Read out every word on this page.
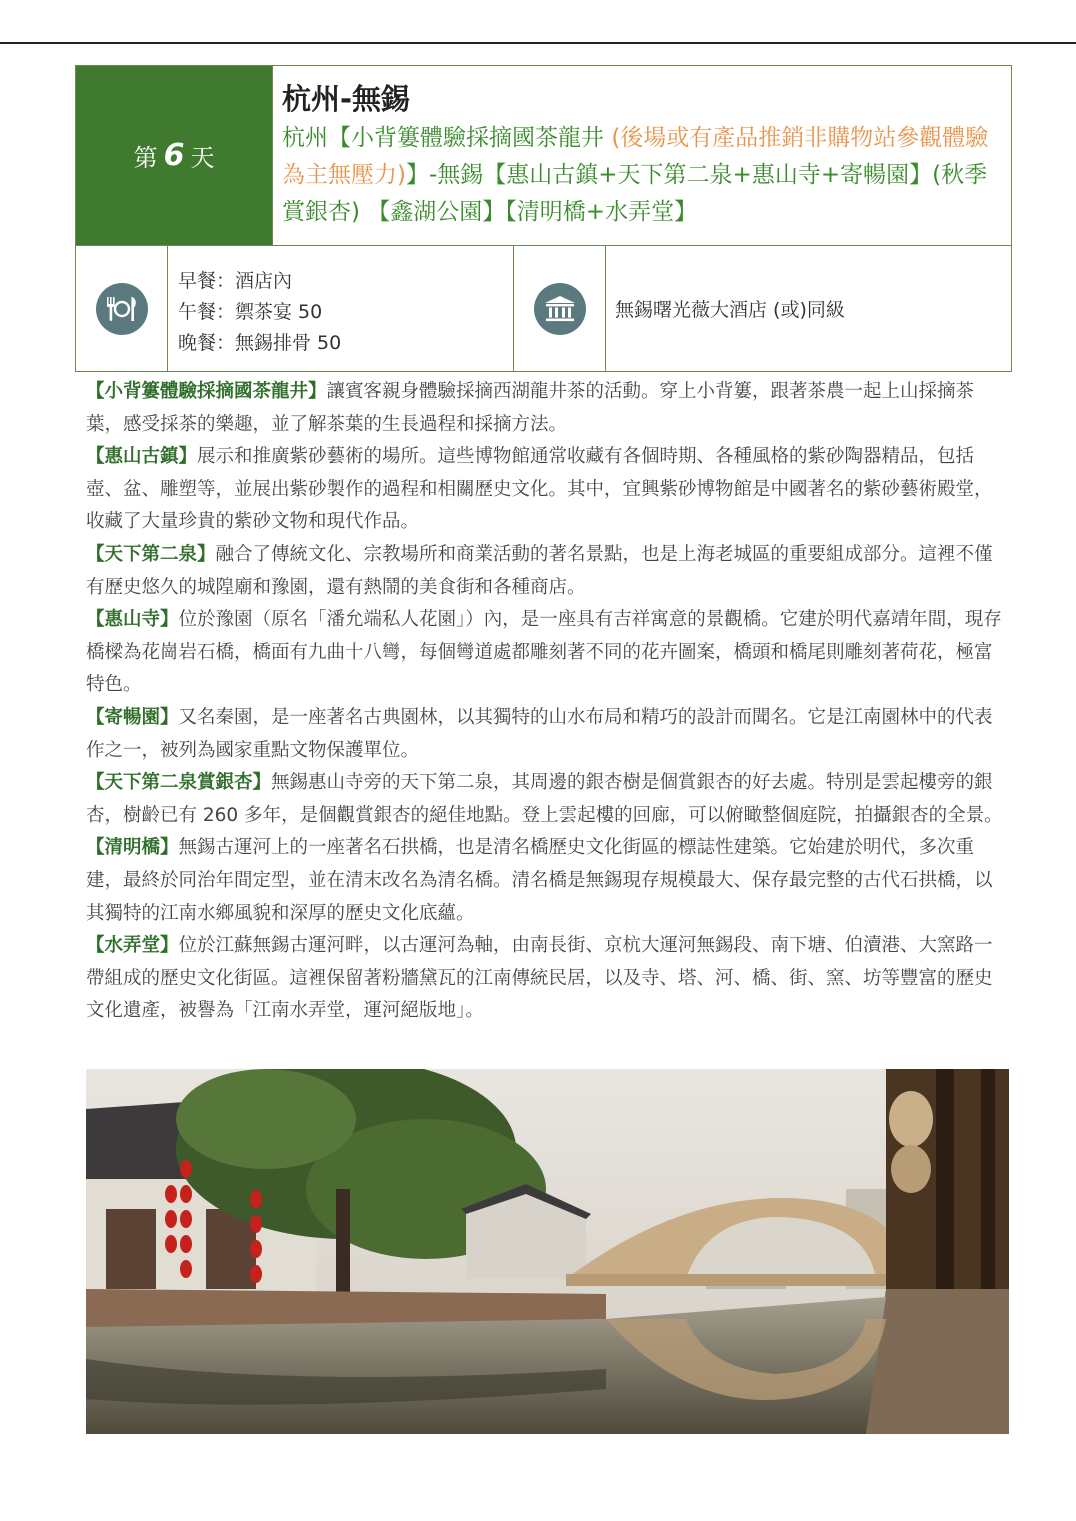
第 6 天
杭州-無錫
杭州【小背簍體驗採摘國茶龍井 (後場或有產品推銷非購物站參觀體驗為主無壓力)】-無錫【惠山古鎮+天下第二泉+惠山寺+寄暢園】(秋季賞銀杏) 【鑫湖公園】【清明橋+水弄堂】
早餐：酒店內
午餐：禦茶宴 50
晚餐：無錫排骨 50
無錫曙光薇大酒店 (或)同級

【小背簍體驗採摘國茶龍井】讓賓客親身體驗採摘西湖龍井茶的活動。穿上小背簍，跟著茶農一起上山採摘茶葉，感受採茶的樂趣，並了解茶葉的生長過程和採摘方法。

【惠山古鎮】展示和推廣紫砂藝術的場所。這些博物館通常收藏有各個時期、各種風格的紫砂陶器精品，包括壺、盆、雕塑等，並展出紫砂製作的過程和相關歷史文化。其中，宜興紫砂博物館是中國著名的紫砂藝術殿堂，收藏了大量珍貴的紫砂文物和現代作品。

【天下第二泉】融合了傳統文化、宗教場所和商業活動的著名景點，也是上海老城區的重要組成部分。這裡不僅有歷史悠久的城隍廟和豫園，還有熱鬧的美食街和各種商店。

【惠山寺】位於豫園（原名「潘允端私人花園」）內，是一座具有吉祥寓意的景觀橋。它建於明代嘉靖年間，現存橋樑為花崗岩石橋，橋面有九曲十八彎，每個彎道處都雕刻著不同的花卉圖案，橋頭和橋尾則雕刻著荷花，極富特色。

【寄暢園】又名秦園，是一座著名古典園林，以其獨特的山水布局和精巧的設計而聞名。它是江南園林中的代表作之一，被列為國家重點文物保護單位。

【天下第二泉賞銀杏】無錫惠山寺旁的天下第二泉，其周邊的銀杏樹是個賞銀杏的好去處。特別是雲起樓旁的銀杏，樹齡已有 260 多年，是個觀賞銀杏的絕佳地點。登上雲起樓的回廊，可以俯瞰整個庭院，拍攝銀杏的全景。

【清明橋】無錫古運河上的一座著名石拱橋，也是清名橋歷史文化街區的標誌性建築。它始建於明代，多次重建，最終於同治年間定型，並在清末改名為清名橋。清名橋是無錫現存規模最大、保存最完整的古代石拱橋，以其獨特的江南水鄉風貌和深厚的歷史文化底蘊。

【水弄堂】位於江蘇無錫古運河畔，以古運河為軸，由南長街、京杭大運河無錫段、南下塘、伯瀆港、大窯路一帶組成的歷史文化街區。這裡保留著粉牆黛瓦的江南傳統民居，以及寺、塔、河、橋、街、窯、坊等豐富的歷史文化遺產，被譽為「江南水弄堂，運河絕版地」。
